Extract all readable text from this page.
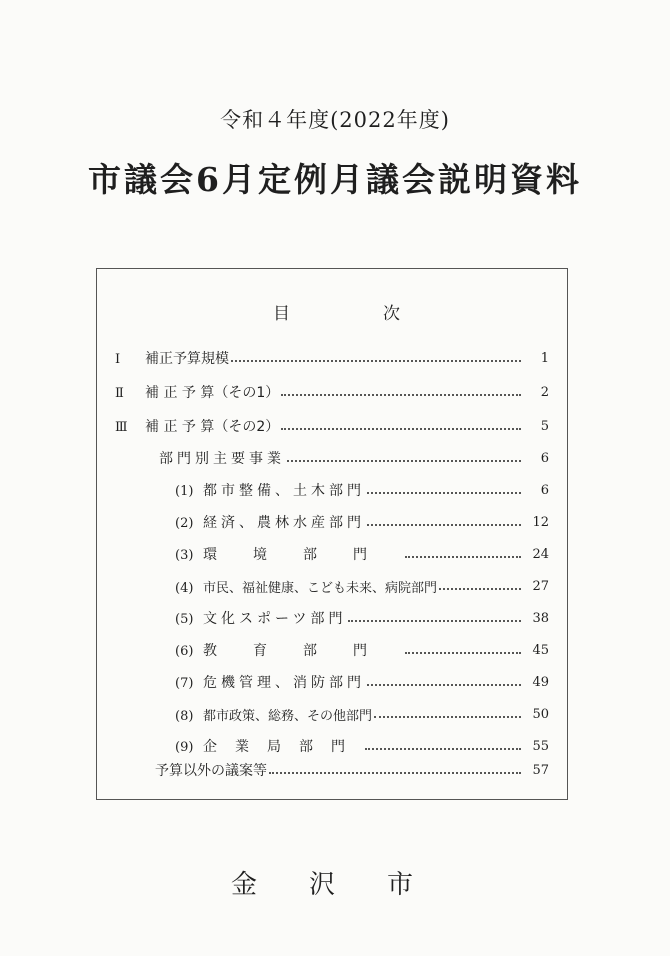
令和４年度(2022年度)
市議会6月定例月議会説明資料
目	次
Ⅰ 補正予算規模	1
Ⅱ 補 正 予 算（その1）	2
Ⅲ 補 正 予 算（その2）	5
部門別主要事業	6
(1) 都市整備、土木部門	6
(2) 経済、農林水産部門	12
(3) 環境部門	24
(4) 市民、福祉健康、こども未来、病院部門	27
(5) 文化スポーツ部門	38
(6) 教育部門	45
(7) 危機管理、消防部門	49
(8) 都市政策、総務、その他部門	50
(9) 企業局部門	55
予算以外の議案等	57
金沢市
